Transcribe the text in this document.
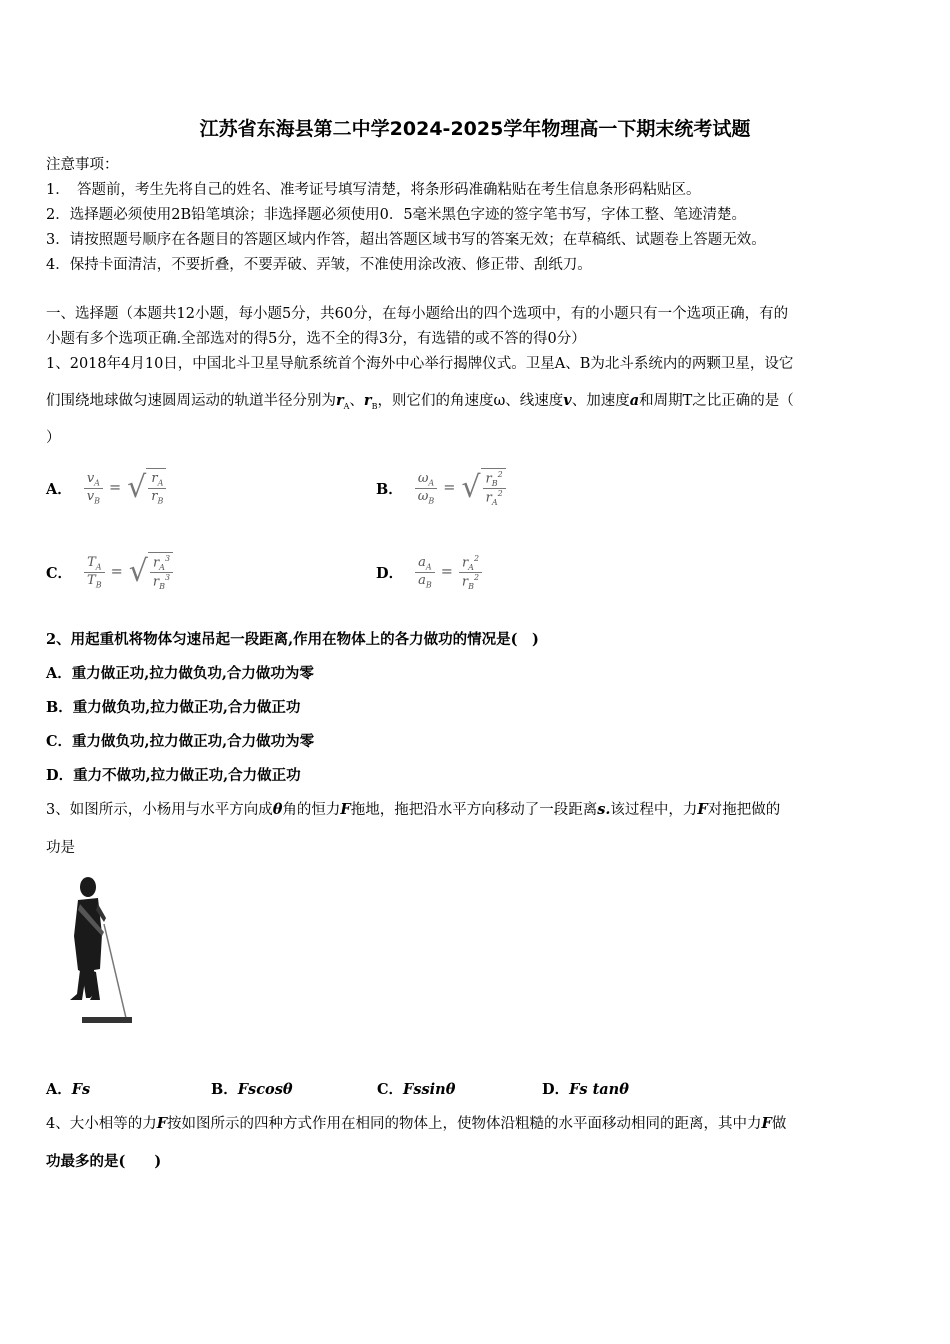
江苏省东海县第二中学2024-2025学年物理高一下期末统考试题
注意事项：
1．　答题前，考生先将自己的姓名、准考证号填写清楚，将条形码准确粘贴在考生信息条形码粘贴区。
2．选择题必须使用2B铅笔填涂；非选择题必须使用0．5毫米黑色字迹的签字笔书写，字体工整、笔迹清楚。
3．请按照题号顺序在各题目的答题区域内作答，超出答题区域书写的答案无效；在草稿纸、试题卷上答题无效。
4．保持卡面清洁，不要折叠，不要弄破、弄皱，不准使用涂改液、修正带、刮纸刀。
一、选择题（本题共12小题，每小题5分，共60分，在每小题给出的四个选项中，有的小题只有一个选项正确，有的
小题有多个选项正确.全部选对的得5分，选不全的得3分，有选错的或不答的得0分）
1、2018年4月10日，中国北斗卫星导航系统首个海外中心举行揭牌仪式。卫星A、B为北斗系统内的两颗卫星，设它
们围绕地球做匀速圆周运动的轨道半径分别为$r_A$、$r_B$，则它们的角速度ω、线速度v、加速度a和周期T之比正确的是（
）
A． $\frac{v_A}{v_B}$ = √ $\frac{r_A}{r_B}$	B． $\frac{\omega_A}{\omega_B}$ = √ $\frac{r_B^2}{r_A^2}$
C． $\frac{T_A}{T_B}$ = √ $\frac{r_A^3}{r_B^3}$	D． $\frac{a_A}{a_B} = \frac{r_A^2}{r_B^2}$
2、用起重机将物体匀速吊起一段距离,作用在物体上的各力做功的情况是(　)
A．重力做正功,拉力做负功,合力做功为零
B．重力做负功,拉力做正功,合力做正功
C．重力做负功,拉力做正功,合力做功为零
D．重力不做功,拉力做正功,合力做正功
3、如图所示，小杨用与水平方向成θ角的恒力F拖地，拖把沿水平方向移动了一段距离s.该过程中，力F对拖把做的
功是
A．Fs	B．Fscosθ	C．Fssinθ	D．Fs tanθ
4、大小相等的力F按如图所示的四种方式作用在相同的物体上，使物体沿粗糙的水平面移动相同的距离，其中力F做
功最多的是(　　)
